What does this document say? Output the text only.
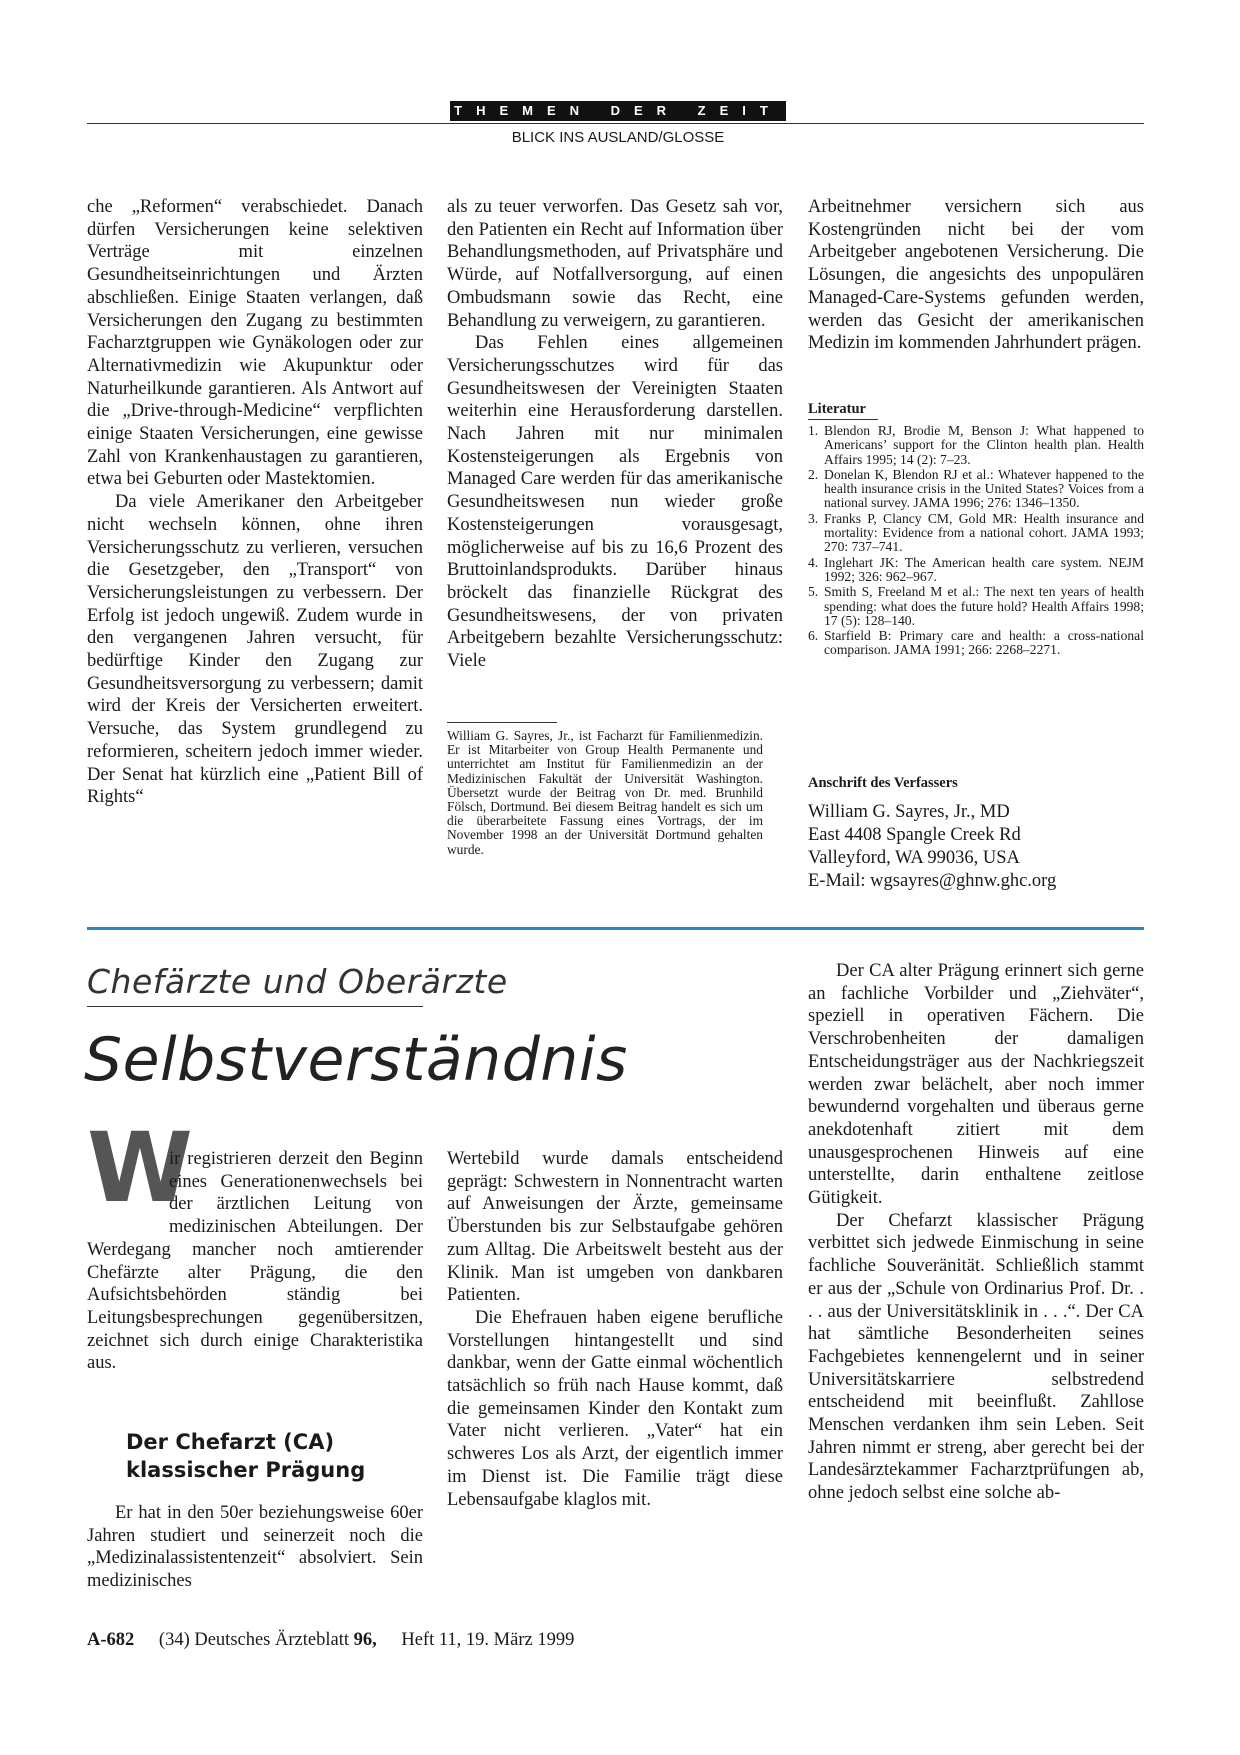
THEMEN DER ZEIT
BLICK INS AUSLAND/GLOSSE

che „Reformen“ verabschiedet. Danach dürfen Versicherungen keine selektiven Verträge mit einzelnen Gesundheitseinrichtungen und Ärzten abschließen. Einige Staaten verlangen, daß Versicherungen den Zugang zu bestimmten Facharztgruppen wie Gynäkologen oder zur Alternativmedizin wie Akupunktur oder Naturheilkunde garantieren. Als Antwort auf die „Drive-through-Medicine“ verpflichten einige Staaten Versicherungen, eine gewisse Zahl von Krankenhaustagen zu garantieren, etwa bei Geburten oder Mastektomien.

Da viele Amerikaner den Arbeitgeber nicht wechseln können, ohne ihren Versicherungsschutz zu verlieren, versuchen die Gesetzgeber, den „Transport“ von Versicherungsleistungen zu verbessern. Der Erfolg ist jedoch ungewiß. Zudem wurde in den vergangenen Jahren versucht, für bedürftige Kinder den Zugang zur Gesundheitsversorgung zu verbessern; damit wird der Kreis der Versicherten erweitert. Versuche, das System grundlegend zu reformieren, scheitern jedoch immer wieder. Der Senat hat kürzlich eine „Patient Bill of Rights“

als zu teuer verworfen. Das Gesetz sah vor, den Patienten ein Recht auf Information über Behandlungsmethoden, auf Privatsphäre und Würde, auf Notfallversorgung, auf einen Ombudsmann sowie das Recht, eine Behandlung zu verweigern, zu garantieren.

Das Fehlen eines allgemeinen Versicherungsschutzes wird für das Gesundheitswesen der Vereinigten Staaten weiterhin eine Herausforderung darstellen. Nach Jahren mit nur minimalen Kostensteigerungen als Ergebnis von Managed Care werden für das amerikanische Gesundheitswesen nun wieder große Kostensteigerungen vorausgesagt, möglicherweise auf bis zu 16,6 Prozent des Bruttoinlandsprodukts. Darüber hinaus bröckelt das finanzielle Rückgrat des Gesundheitswesens, der von privaten Arbeitgebern bezahlte Versicherungsschutz: Viele

William G. Sayres, Jr., ist Facharzt für Familienmedizin. Er ist Mitarbeiter von Group Health Permanente und unterrichtet am Institut für Familienmedizin an der Medizinischen Fakultät der Universität Washington. Übersetzt wurde der Beitrag von Dr. med. Brunhild Fölsch, Dortmund. Bei diesem Beitrag handelt es sich um die überarbeitete Fassung eines Vortrags, der im November 1998 an der Universität Dortmund gehalten wurde.

Arbeitnehmer versichern sich aus Kostengründen nicht bei der vom Arbeitgeber angebotenen Versicherung. Die Lösungen, die angesichts des unpopulären Managed-Care-Systems gefunden werden, werden das Gesicht der amerikanischen Medizin im kommenden Jahrhundert prägen.

Literatur
1. Blendon RJ, Brodie M, Benson J: What happened to Americans’ support for the Clinton health plan. Health Affairs 1995; 14 (2): 7–23.
2. Donelan K, Blendon RJ et al.: Whatever happened to the health insurance crisis in the United States? Voices from a national survey. JAMA 1996; 276: 1346–1350.
3. Franks P, Clancy CM, Gold MR: Health insurance and mortality: Evidence from a national cohort. JAMA 1993; 270: 737–741.
4. Inglehart JK: The American health care system. NEJM 1992; 326: 962–967.
5. Smith S, Freeland M et al.: The next ten years of health spending: what does the future hold? Health Affairs 1998; 17 (5): 128–140.
6. Starfield B: Primary care and health: a cross-national comparison. JAMA 1991; 266: 2268–2271.
Anschrift des Verfassers
William G. Sayres, Jr., MD
East 4408 Spangle Creek Rd
Valleyford, WA 99036, USA
E-Mail: wgsayres@ghnw.ghc.org
Chefärzte und Oberärzte
Selbstverständnis
W

ir registrieren derzeit den Beginn eines Generationenwechsels bei der ärztlichen Leitung von medizinischen Abteilungen. Der Werdegang mancher noch amtierender Chefärzte alter Prägung, die den Aufsichtsbehörden ständig bei Leitungsbesprechungen gegenübersitzen, zeichnet sich durch einige Charakteristika aus.

Der Chefarzt (CA)
klassischer Prägung

Er hat in den 50er beziehungsweise 60er Jahren studiert und seinerzeit noch die „Medizinalassistentenzeit“ absolviert. Sein medizinisches

Wertebild wurde damals entscheidend geprägt: Schwestern in Nonnentracht warten auf Anweisungen der Ärzte, gemeinsame Überstunden bis zur Selbstaufgabe gehören zum Alltag. Die Arbeitswelt besteht aus der Klinik. Man ist umgeben von dankbaren Patienten.

Die Ehefrauen haben eigene berufliche Vorstellungen hintangestellt und sind dankbar, wenn der Gatte einmal wöchentlich tatsächlich so früh nach Hause kommt, daß die gemeinsamen Kinder den Kontakt zum Vater nicht verlieren. „Vater“ hat ein schweres Los als Arzt, der eigentlich immer im Dienst ist. Die Familie trägt diese Lebensaufgabe klaglos mit.

Der CA alter Prägung erinnert sich gerne an fachliche Vorbilder und „Ziehväter“, speziell in operativen Fächern. Die Verschrobenheiten der damaligen Entscheidungsträger aus der Nachkriegszeit werden zwar belächelt, aber noch immer bewundernd vorgehalten und überaus gerne anekdotenhaft zitiert mit dem unausgesprochenen Hinweis auf eine unterstellte, darin enthaltene zeitlose Gütigkeit.

Der Chefarzt klassischer Prägung verbittet sich jedwede Einmischung in seine fachliche Souveränität. Schließlich stammt er aus der „Schule von Ordinarius Prof. Dr. . . . aus der Universitätsklinik in . . .“. Der CA hat sämtliche Besonderheiten seines Fachgebietes kennengelernt und in seiner Universitätskarriere selbstredend entscheidend mit beeinflußt. Zahllose Menschen verdanken ihm sein Leben. Seit Jahren nimmt er streng, aber gerecht bei der Landesärztekammer Facharztprüfungen ab, ohne jedoch selbst eine solche ab-

A-682 (34) Deutsches Ärzteblatt 96, Heft 11, 19. März 1999
